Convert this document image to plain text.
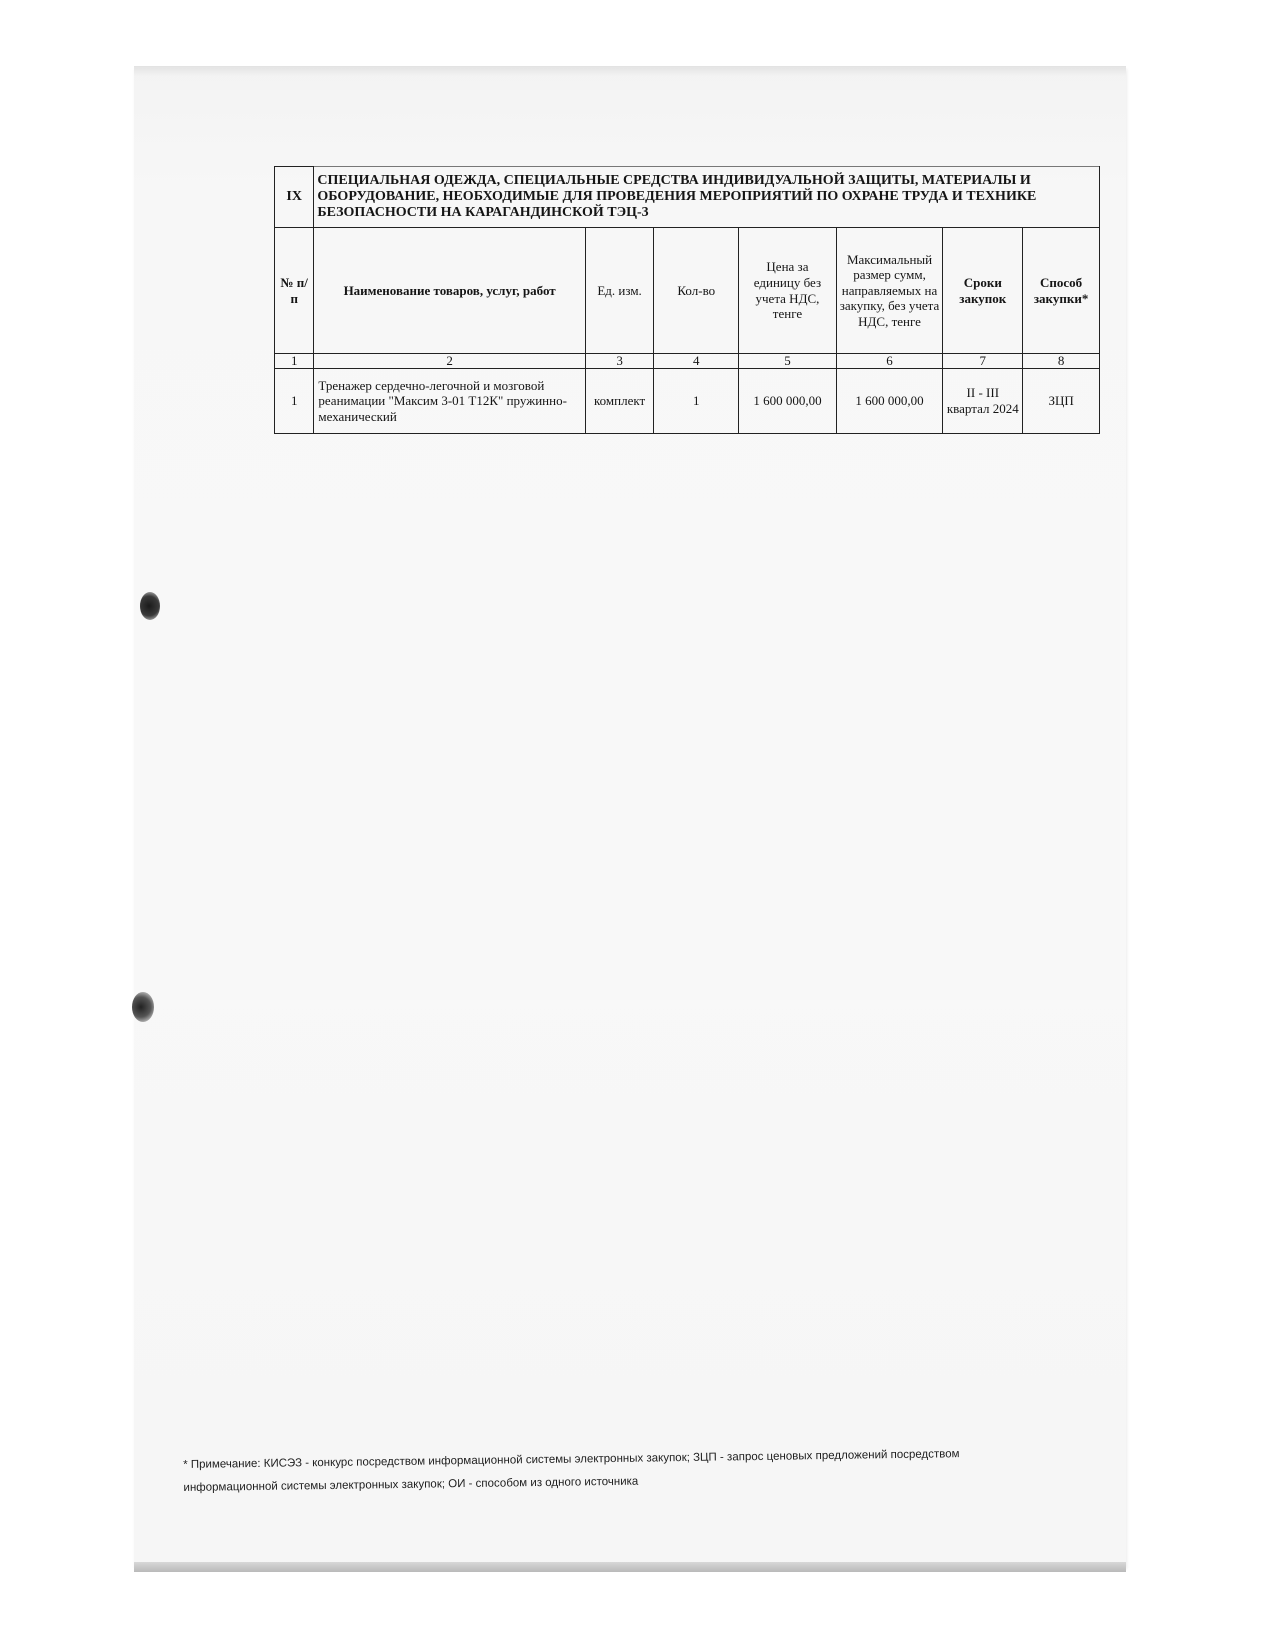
IX	СПЕЦИАЛЬНАЯ ОДЕЖДА, СПЕЦИАЛЬНЫЕ СРЕДСТВА ИНДИВИДУАЛЬНОЙ ЗАЩИТЫ, МАТЕРИАЛЫ И ОБОРУДОВАНИЕ, НЕОБХОДИМЫЕ ДЛЯ ПРОВЕДЕНИЯ МЕРОПРИЯТИЙ ПО ОХРАНЕ ТРУДА И ТЕХНИКЕ БЕЗОПАСНОСТИ НА КАРАГАНДИНСКОЙ ТЭЦ-3						
№ п/п	Наименование товаров, услуг, работ	Ед. изм.	Кол-во	Цена за единицу без учета НДС, тенге	Максимальный размер сумм, направляемых на закупку, без учета НДС, тенге	Сроки закупок	Способ закупки*
1	2	3	4	5	6	7	8
1	Тренажер сердечно-легочной и мозговой реанимации "Максим 3-01 Т12К" пружинно-механический	комплект	1	1 600 000,00	1 600 000,00	II - III квартал 2024	ЗЦП
* Примечание: КИСЭЗ - конкурс посредством информационной системы электронных закупок; ЗЦП - запрос ценовых предложений посредством
информационной системы электронных закупок; ОИ - способом из одного источника
